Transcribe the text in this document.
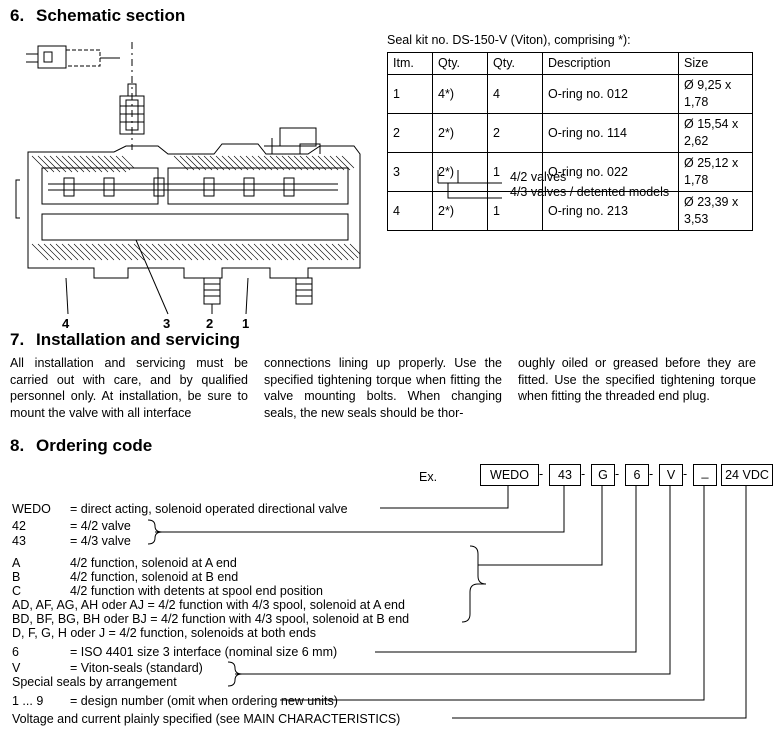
6. Schematic section
4	3	2 1
Seal kit no. DS-150-V (Viton), comprising *):
Itm.	Qty.	Qty.	Description	Size
1	4*)	4	O-ring no. 012	Ø 9,25 x 1,78
2	2*)	2	O-ring no. 114	Ø 15,54 x 2,62
3	2*)	1	O-ring no. 022	Ø 25,12 x 1,78
4	2*)	1	O-ring no. 213	Ø 23,39 x 3,53
4/2 valves
4/3 valves / detented models
7. Installation and servicing
All installation and servicing must be carried out with care, and by qualified personnel only. At installation, be sure to mount the valve with all interface
connections lining up properly. Use the specified tightening torque when fitting the valve mounting bolts. When changing seals, the new seals should be thor-
oughly oiled or greased before they are fitted. Use the specified tightening torque when fitting the threaded end plug.
8. Ordering code
Ex.	WEDO -	43 -	G -	6 -	V -	_	24 VDC
WEDO = direct acting, solenoid operated directional valve
42	= 4/2 valve
43	= 4/3 valve
A	4/2 function, solenoid at A end
B	4/2 function, solenoid at B end
C	4/2 function with detents at spool end position
AD, AF, AG, AH oder AJ = 4/2 function with 4/3 spool, solenoid at A end
BD, BF, BG, BH oder BJ = 4/2 function with 4/3 spool, solenoid at B end
D, F, G, H oder J = 4/2 function, solenoids at both ends
6	= ISO 4401 size 3 interface (nominal size 6 mm)
V	= Viton-seals (standard)
Special seals by arrangement
1 ... 9 = design number (omit when ordering new units)
Voltage and current plainly specified (see MAIN CHARACTERISTICS)
